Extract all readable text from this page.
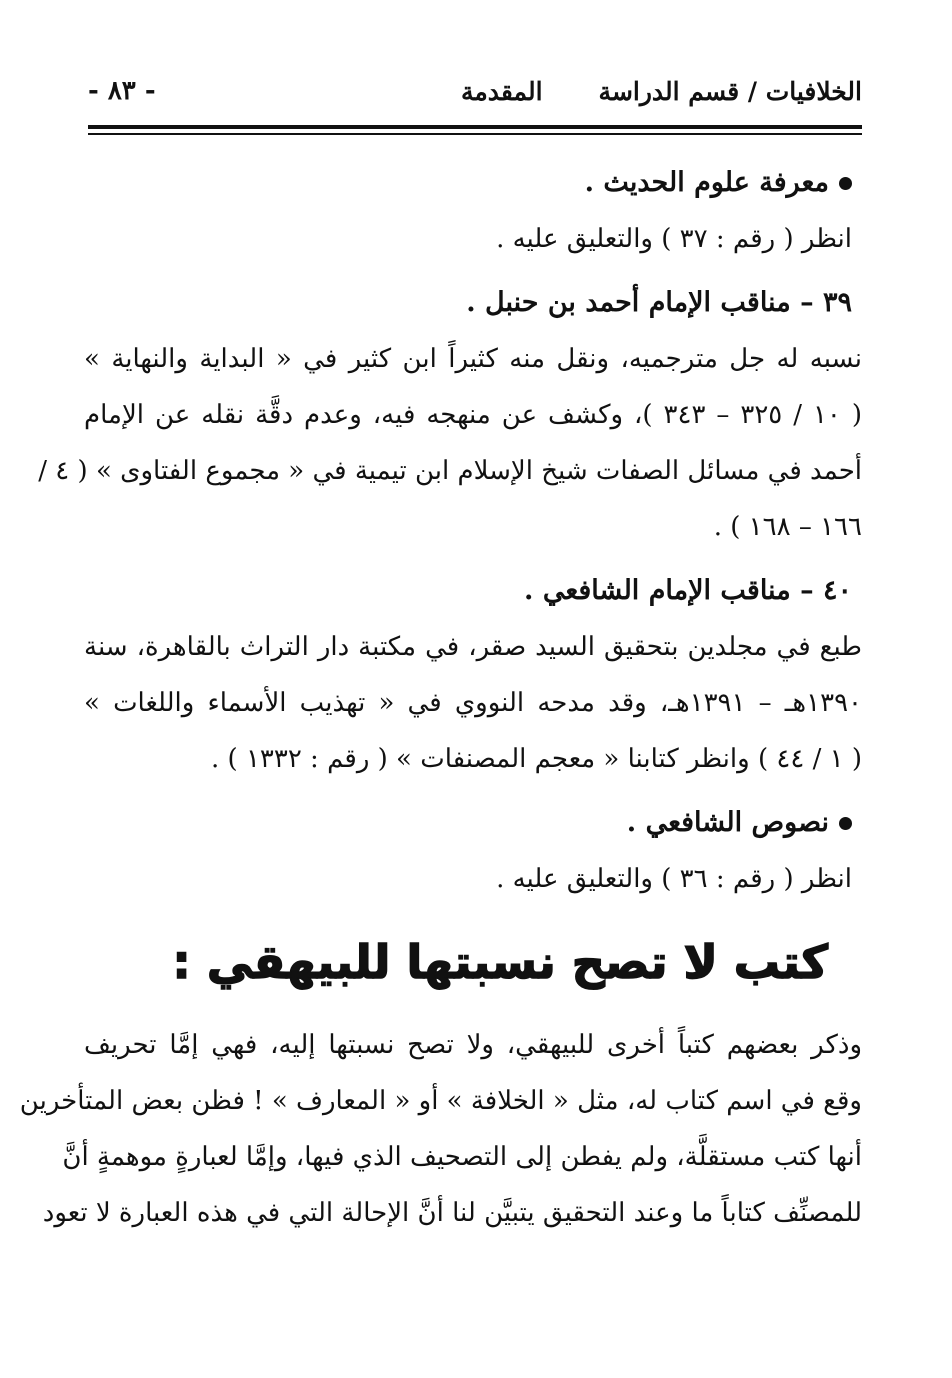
الخلافيات / قسم الدراسة
المقدمة
- ٨٣ -
معرفة علوم الحديث .
انظر ( رقم : ٣٧ ) والتعليق عليه .
٣٩ – مناقب الإمام أحمد بن حنبل .
نسبه له جل مترجميه، ونقل منه كثيراً ابن كثير في « البداية والنهاية »
( ١٠ / ٣٢٥ – ٣٤٣ )، وكشف عن منهجه فيه، وعدم دقَّة نقله عن الإمام
أحمد في مسائل الصفات شيخ الإسلام ابن تيمية في « مجموع الفتاوى » ( ٤ /
١٦٦ – ١٦٨ ) .
٤٠ – مناقب الإمام الشافعي .
طبع في مجلدين بتحقيق السيد صقر، في مكتبة دار التراث بالقاهرة، سنة
١٣٩٠هـ – ١٣٩١هـ، وقد مدحه النووي في « تهذيب الأسماء واللغات »
( ١ / ٤٤ ) وانظر كتابنا « معجم المصنفات » ( رقم : ١٣٣٢ ) .
نصوص الشافعي .
انظر ( رقم : ٣٦ ) والتعليق عليه .
كتب لا تصح نسبتها للبيهقي :
وذكر بعضهم كتباً أخرى للبيهقي، ولا تصح نسبتها إليه، فهي إمَّا تحريف
وقع في اسم كتاب له، مثل « الخلافة » أو « المعارف » ! فظن بعض المتأخرين
أنها كتب مستقلَّة، ولم يفطن إلى التصحيف الذي فيها، وإمَّا لعبارةٍ موهمةٍ أنَّ
للمصنِّف كتاباً ما وعند التحقيق يتبيَّن لنا أنَّ الإحالة التي في هذه العبارة لا تعود
